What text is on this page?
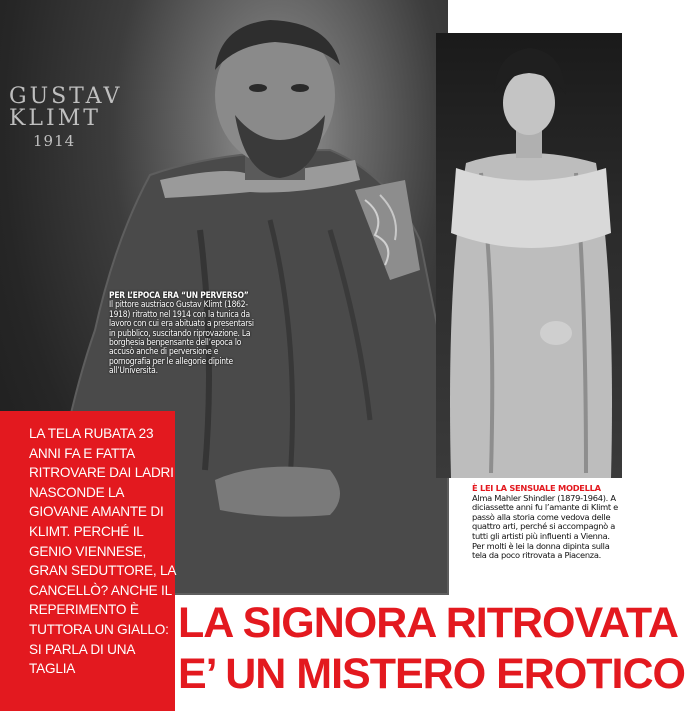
GUSTAV
KLIMT
1914
PER L’EPOCA ERA “UN PERVERSO”
Il pittore austriaco Gustav Klimt (1862-1918) ritratto nel 1914 con la tunica da lavoro con cui era abituato a presentarsi in pubblico, suscitando riprovazione. La borghesia benpensante dell’epoca lo accusò anche di perversione e pornografia per le allegorie dipinte all’Università.
È LEI LA SENSUALE MODELLA
Alma Mahler Shindler (1879-1964). A diciassette anni fu l’amante di Klimt e passò alla storia come vedova delle quattro arti, perché si accompagnò a tutti gli artisti più influenti a Vienna. Per molti è lei la donna dipinta sulla tela da poco ritrovata a Piacenza.
LA TELA RUBATA 23 ANNI FA E FATTA RITROVARE DAI LADRI NASCONDE LA GIOVANE AMANTE DI KLIMT. PERCHÉ IL GENIO VIENNESE, GRAN SEDUTTORE, LA CANCELLÒ? ANCHE IL REPERIMENTO È TUTTORA UN GIALLO: SI PARLA DI UNA TAGLIA
LA SIGNORA RITROVATA
E’ UN MISTERO EROTICO
